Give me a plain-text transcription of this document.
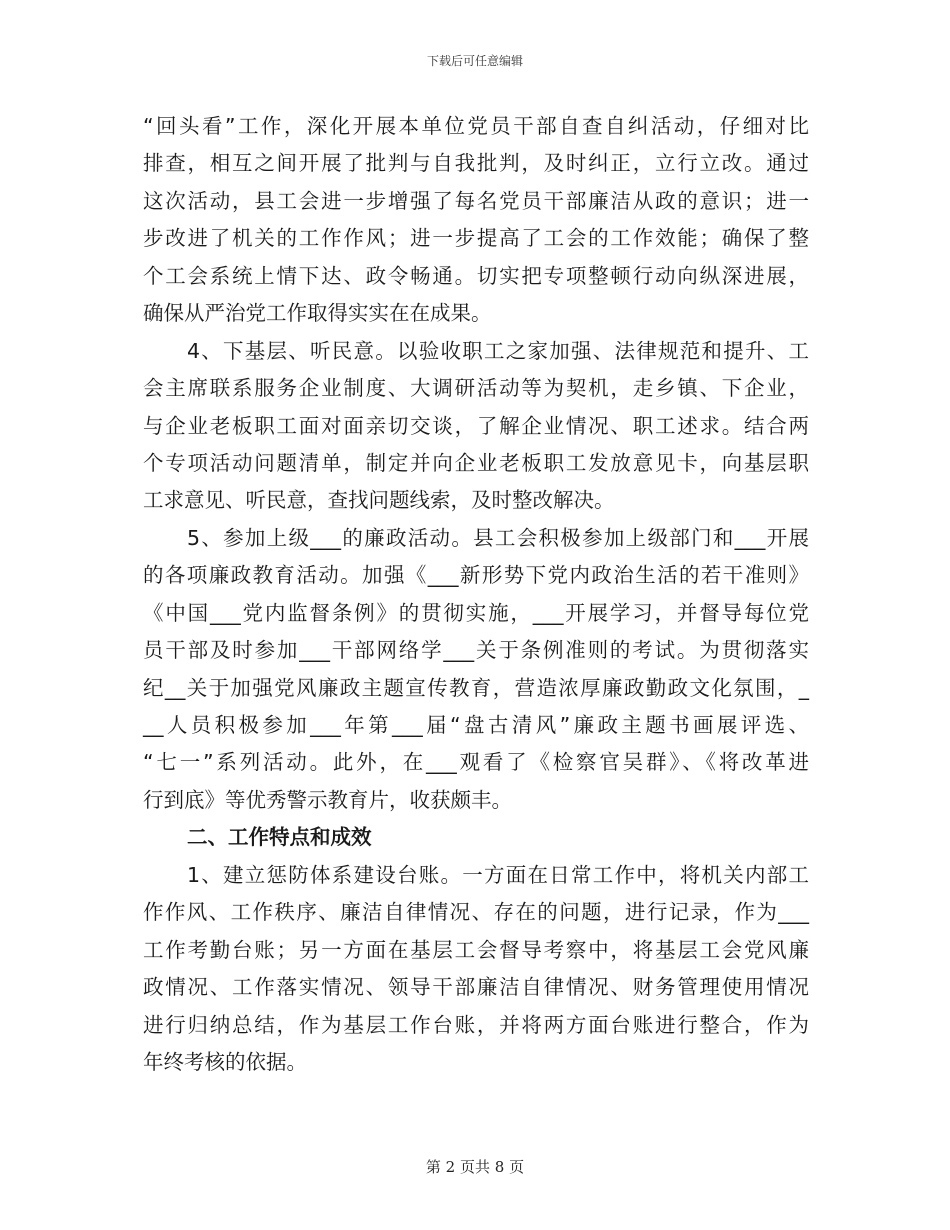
下载后可任意编辑
“回头看”工作，深化开展本单位党员干部自查自纠活动，仔细对比
排查，相互之间开展了批判与自我批判，及时纠正，立行立改。通过
这次活动，县工会进一步增强了每名党员干部廉洁从政的意识；进一
步改进了机关的工作作风；进一步提高了工会的工作效能；确保了整
个工会系统上情下达、政令畅通。切实把专项整顿行动向纵深进展，
确保从严治党工作取得实实在在成果。
4、下基层、听民意。以验收职工之家加强、法律规范和提升、工
会主席联系服务企业制度、大调研活动等为契机，走乡镇、下企业，
与企业老板职工面对面亲切交谈，了解企业情况、职工述求。结合两
个专项活动问题清单，制定并向企业老板职工发放意见卡，向基层职
工求意见、听民意，查找问题线索，及时整改解决。
5、参加上级___的廉政活动。县工会积极参加上级部门和___开展
的各项廉政教育活动。加强《___新形势下党内政治生活的若干准则》
《中国___党内监督条例》的贯彻实施，___开展学习，并督导每位党
员干部及时参加___干部网络学___关于条例准则的考试。为贯彻落实
纪__关于加强党风廉政主题宣传教育，营造浓厚廉政勤政文化氛围，_
__人员积极参加___年第___届“盘古清风”廉政主题书画展评选、
“七一”系列活动。此外，在___观看了《检察官吴群》、《将改革进
行到底》等优秀警示教育片，收获颇丰。
二、工作特点和成效
1、建立惩防体系建设台账。一方面在日常工作中，将机关内部工
作作风、工作秩序、廉洁自律情况、存在的问题，进行记录，作为___
工作考勤台账；另一方面在基层工会督导考察中，将基层工会党风廉
政情况、工作落实情况、领导干部廉洁自律情况、财务管理使用情况
进行归纳总结，作为基层工作台账，并将两方面台账进行整合，作为
年终考核的依据。
第 2 页共 8 页
